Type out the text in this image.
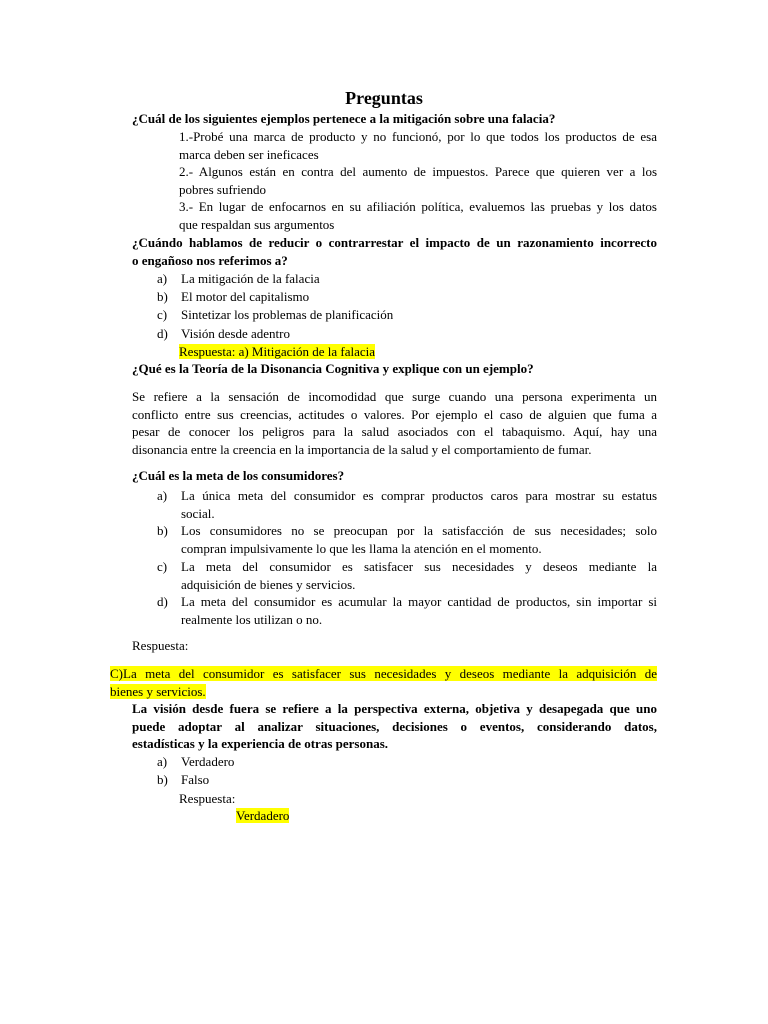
Preguntas
¿Cuál de los siguientes ejemplos pertenece a la mitigación sobre una falacia?
1.-Probé una marca de producto y no funcionó, por lo que todos los productos de esa
marca deben ser ineficaces
2.- Algunos están en contra del aumento de impuestos. Parece que quieren ver a los
pobres sufriendo
3.- En lugar de enfocarnos en su afiliación política, evaluemos las pruebas y los datos
que respaldan sus argumentos
¿Cuándo hablamos de reducir o contrarrestar el impacto de un razonamiento incorrecto
o engañoso nos referimos a?
a) La mitigación de la falacia
b) El motor del capitalismo
c) Sintetizar los problemas de planificación
d) Visión desde adentro
Respuesta: a) Mitigación de la falacia
¿Qué es la Teoría de la Disonancia Cognitiva y explique con un ejemplo?
Se refiere a la sensación de incomodidad que surge cuando una persona experimenta un
conflicto entre sus creencias, actitudes o valores. Por ejemplo el caso de alguien que fuma a
pesar de conocer los peligros para la salud asociados con el tabaquismo. Aquí, hay una
disonancia entre la creencia en la importancia de la salud y el comportamiento de fumar.
¿Cuál es la meta de los consumidores?
a) La única meta del consumidor es comprar productos caros para mostrar su estatus
social.
b) Los consumidores no se preocupan por la satisfacción de sus necesidades; solo
compran impulsivamente lo que les llama la atención en el momento.
c) La meta del consumidor es satisfacer sus necesidades y deseos mediante la
adquisición de bienes y servicios.
d) La meta del consumidor es acumular la mayor cantidad de productos, sin importar si
realmente los utilizan o no.
Respuesta:
C)La meta del consumidor es satisfacer sus necesidades y deseos mediante la adquisición de
bienes y servicios.
La visión desde fuera se refiere a la perspectiva externa, objetiva y desapegada que uno
puede adoptar al analizar situaciones, decisiones o eventos, considerando datos,
estadísticas y la experiencia de otras personas.
a) Verdadero
b) Falso
Respuesta:
Verdadero
